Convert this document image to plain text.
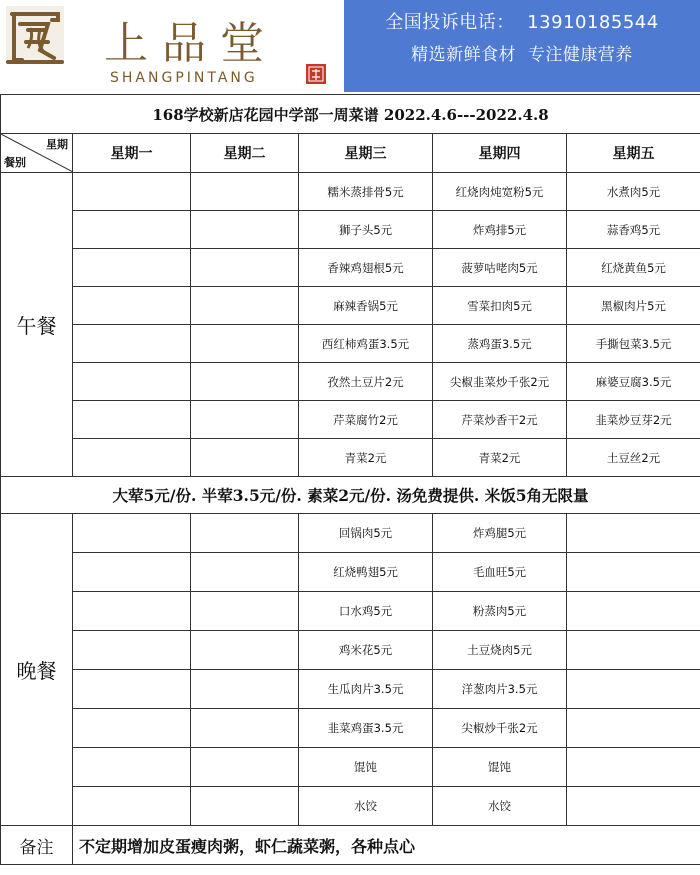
上品堂
SHANGPINTANG
全国投诉电话：  13910185544
精选新鲜食材  专注健康营养
168学校新店花园中学部一周菜谱 2022.4.6---2022.4.8					

星期
餐别	星期一	星期二	星期三	星期四	星期五
午餐			糯米蒸排骨5元	红烧肉炖宽粉5元	水煮肉5元
			狮子头5元	炸鸡排5元	蒜香鸡5元
			香辣鸡翅根5元	菠萝咕咾肉5元	红烧黄鱼5元
			麻辣香锅5元	雪菜扣肉5元	黑椒肉片5元
			西红柿鸡蛋3.5元	蒸鸡蛋3.5元	手撕包菜3.5元
			孜然土豆片2元	尖椒韭菜炒千张2元	麻婆豆腐3.5元
			芹菜腐竹2元	芹菜炒香干2元	韭菜炒豆芽2元
			青菜2元	青菜2元	土豆丝2元
大荤5元/份. 半荤3.5元/份. 素菜2元/份. 汤免费提供. 米饭5角无限量					
晚餐			回锅肉5元	炸鸡腿5元	
			红烧鸭翅5元	毛血旺5元	
			口水鸡5元	粉蒸肉5元	
			鸡米花5元	土豆烧肉5元	
			生瓜肉片3.5元	洋葱肉片3.5元	
			韭菜鸡蛋3.5元	尖椒炒千张2元	
			馄饨	馄饨	
			水饺	水饺	
备注	不定期增加皮蛋瘦肉粥，虾仁蔬菜粥，各种点心				
